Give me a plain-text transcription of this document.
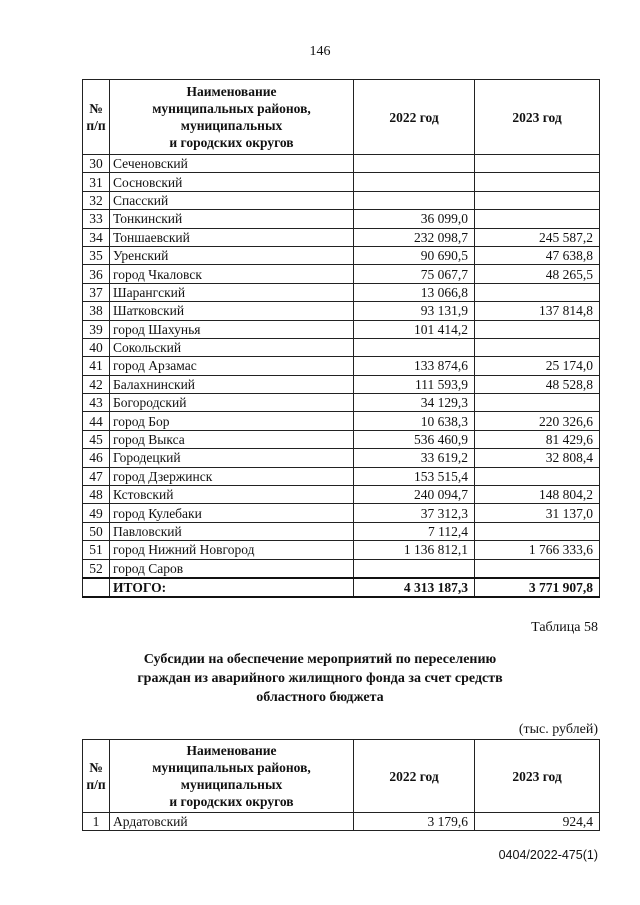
146
№
п/п	Наименование
муниципальных районов,
муниципальных
и городских округов	2022 год	2023 год
30	Сеченовский		
31	Сосновский		
32	Спасский		
33	Тонкинский	36 099,0	
34	Тоншаевский	232 098,7	245 587,2
35	Уренский	90 690,5	47 638,8
36	город Чкаловск	75 067,7	48 265,5
37	Шарангский	13 066,8	
38	Шатковский	93 131,9	137 814,8
39	город Шахунья	101 414,2	
40	Сокольский		
41	город Арзамас	133 874,6	25 174,0
42	Балахнинский	111 593,9	48 528,8
43	Богородский	34 129,3	
44	город Бор	10 638,3	220 326,6
45	город Выкса	536 460,9	81 429,6
46	Городецкий	33 619,2	32 808,4
47	город Дзержинск	153 515,4	
48	Кстовский	240 094,7	148 804,2
49	город Кулебаки	37 312,3	31 137,0
50	Павловский	7 112,4	
51	город Нижний Новгород	1 136 812,1	1 766 333,6
52	город Саров		
	ИТОГО:	4 313 187,3	3 771 907,8
Таблица 58
Субсидии на обеспечение мероприятий по переселению граждан из аварийного жилищного фонда за счет средств областного бюджета
(тыс. рублей)
№
п/п	Наименование
муниципальных районов,
муниципальных
и городских округов	2022 год	2023 год
1	Ардатовский	3 179,6	924,4
0404/2022-475(1)
